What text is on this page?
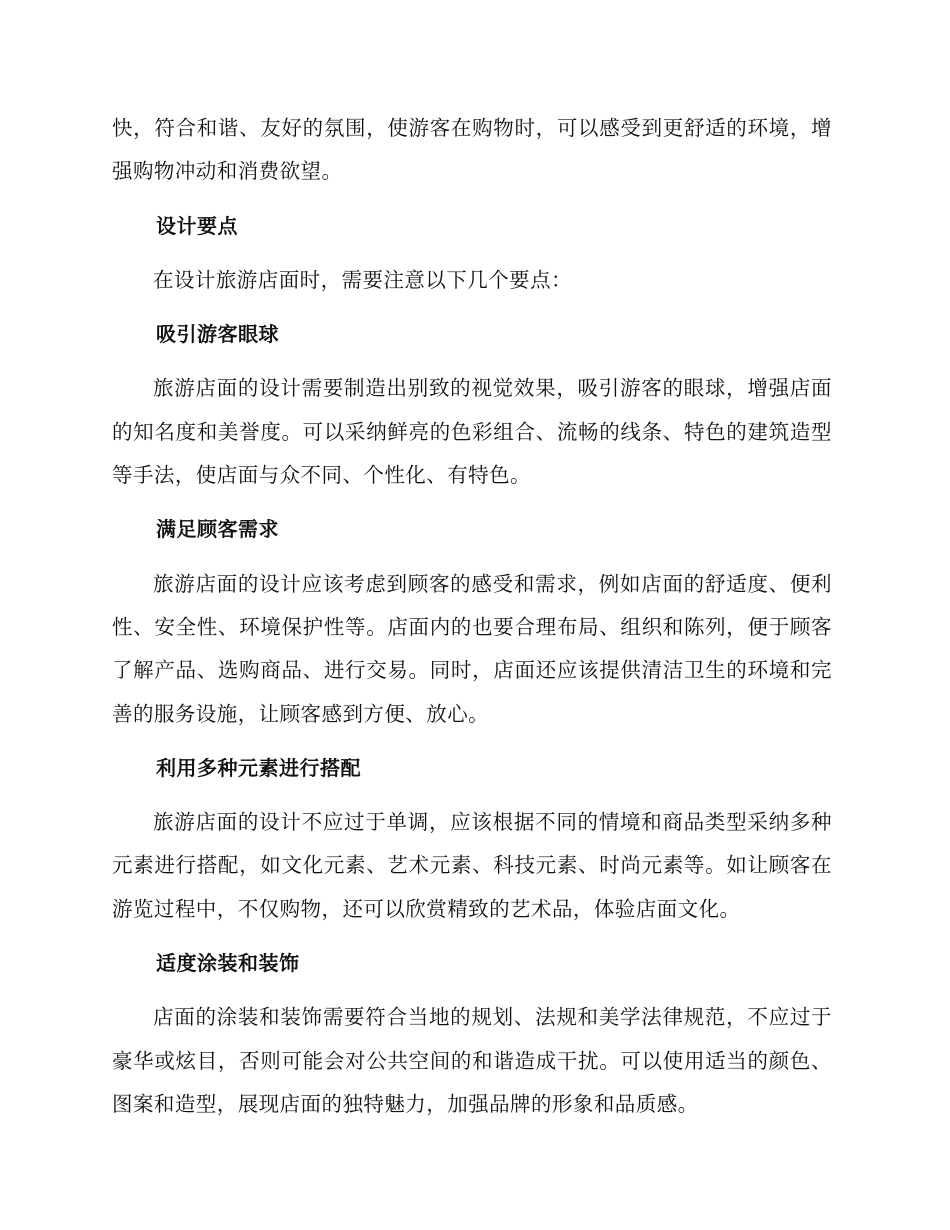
快，符合和谐、友好的氛围，使游客在购物时，可以感受到更舒适的环境，增强购物冲动和消费欲望。

设计要点

在设计旅游店面时，需要注意以下几个要点：

吸引游客眼球

旅游店面的设计需要制造出别致的视觉效果，吸引游客的眼球，增强店面的知名度和美誉度。可以采纳鲜亮的色彩组合、流畅的线条、特色的建筑造型等手法，使店面与众不同、个性化、有特色。

满足顾客需求

旅游店面的设计应该考虑到顾客的感受和需求，例如店面的舒适度、便利性、安全性、环境保护性等。店面内的也要合理布局、组织和陈列，便于顾客了解产品、选购商品、进行交易。同时，店面还应该提供清洁卫生的环境和完善的服务设施，让顾客感到方便、放心。

利用多种元素进行搭配

旅游店面的设计不应过于单调，应该根据不同的情境和商品类型采纳多种元素进行搭配，如文化元素、艺术元素、科技元素、时尚元素等。如让顾客在游览过程中，不仅购物，还可以欣赏精致的艺术品，体验店面文化。

适度涂装和装饰

店面的涂装和装饰需要符合当地的规划、法规和美学法律规范，不应过于豪华或炫目，否则可能会对公共空间的和谐造成干扰。可以使用适当的颜色、图案和造型，展现店面的独特魅力，加强品牌的形象和品质感。
